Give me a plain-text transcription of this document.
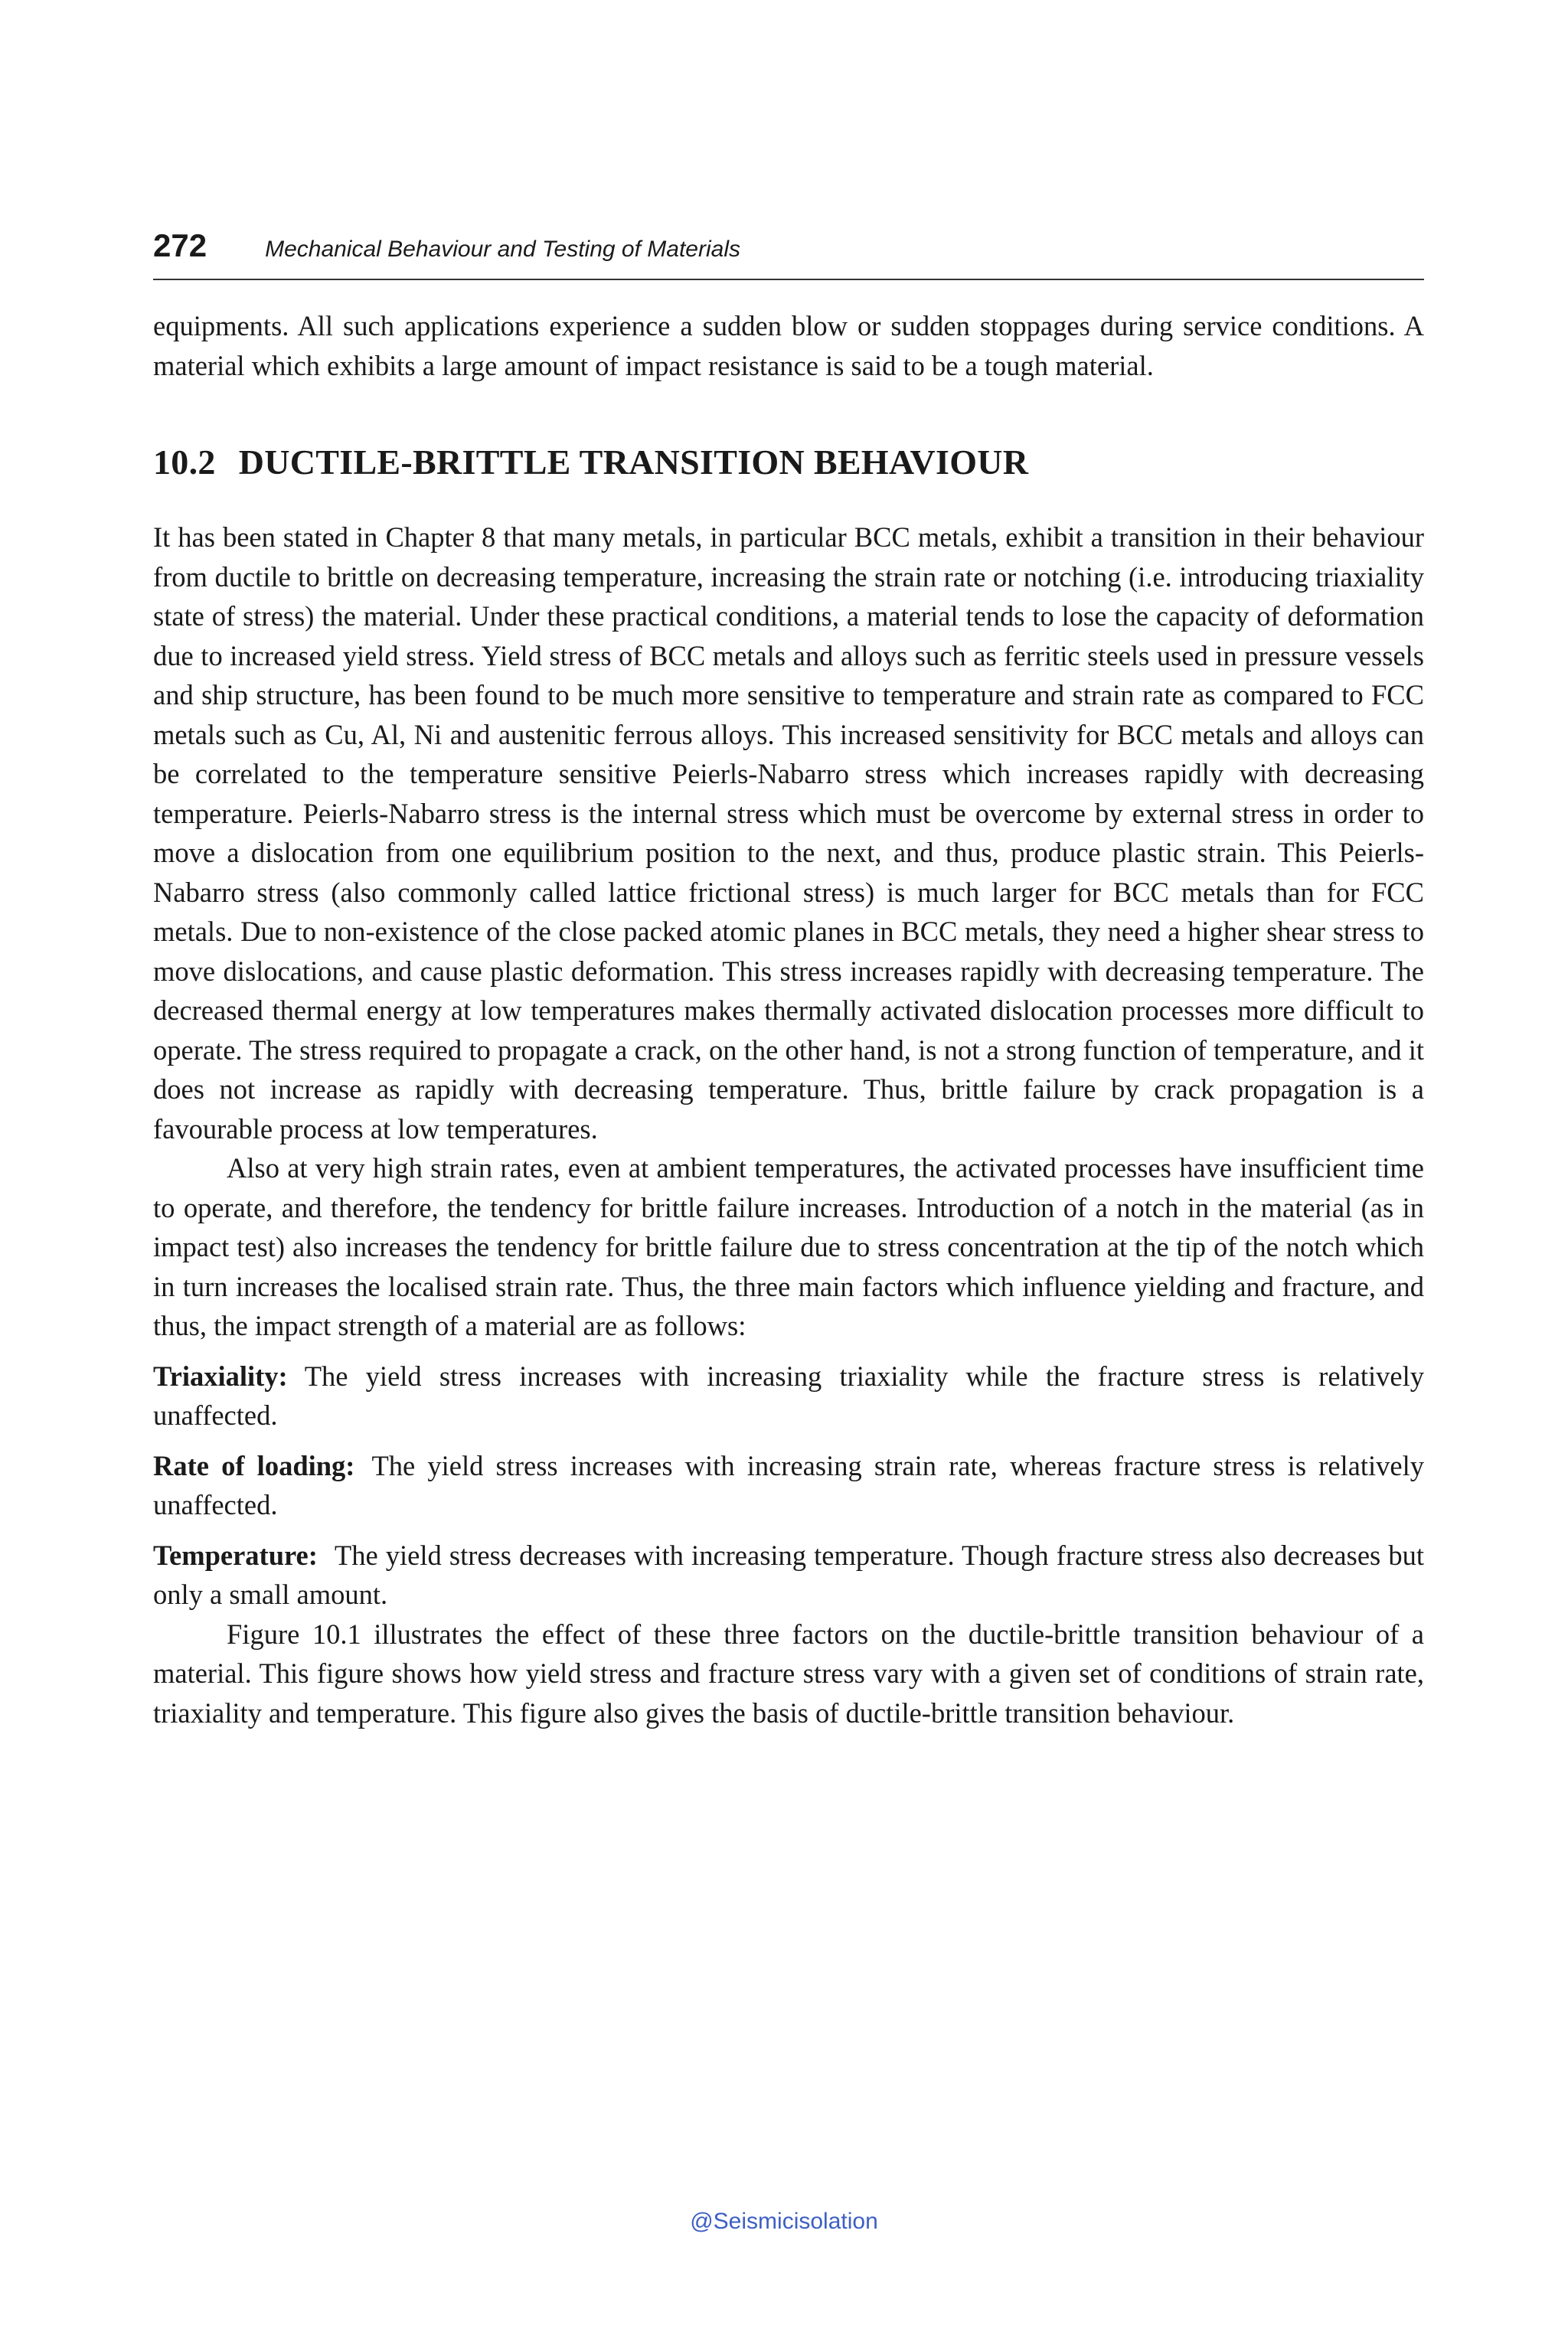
272	Mechanical Behaviour and Testing of Materials

equipments. All such applications experience a sudden blow or sudden stoppages during service conditions. A material which exhibits a large amount of impact resistance is said to be a tough material.

10.2 DUCTILE-BRITTLE TRANSITION BEHAVIOUR

It has been stated in Chapter 8 that many metals, in particular BCC metals, exhibit a transition in their behaviour from ductile to brittle on decreasing temperature, increasing the strain rate or notching (i.e. introducing triaxiality state of stress) the material. Under these practical conditions, a material tends to lose the capacity of deformation due to increased yield stress. Yield stress of BCC metals and alloys such as ferritic steels used in pressure vessels and ship structure, has been found to be much more sensitive to temperature and strain rate as compared to FCC metals such as Cu, Al, Ni and austenitic ferrous alloys. This increased sensitivity for BCC metals and alloys can be correlated to the temperature sensitive Peierls-Nabarro stress which increases rapidly with decreasing temperature. Peierls-Nabarro stress is the internal stress which must be overcome by external stress in order to move a dislocation from one equilibrium position to the next, and thus, produce plastic strain. This Peierls-Nabarro stress (also commonly called lattice frictional stress) is much larger for BCC metals than for FCC metals. Due to non-existence of the close packed atomic planes in BCC metals, they need a higher shear stress to move dislocations, and cause plastic deformation. This stress increases rapidly with decreasing temperature. The decreased thermal energy at low temperatures makes thermally activated dislocation processes more difficult to operate. The stress required to propagate a crack, on the other hand, is not a strong function of temperature, and it does not increase as rapidly with decreasing temperature. Thus, brittle failure by crack propagation is a favourable process at low temperatures.

Also at very high strain rates, even at ambient temperatures, the activated processes have insufficient time to operate, and therefore, the tendency for brittle failure increases. Introduction of a notch in the material (as in impact test) also increases the tendency for brittle failure due to stress concentration at the tip of the notch which in turn increases the localised strain rate. Thus, the three main factors which influence yielding and fracture, and thus, the impact strength of a material are as follows:

Triaxiality: The yield stress increases with increasing triaxiality while the fracture stress is relatively unaffected.

Rate of loading: The yield stress increases with increasing strain rate, whereas fracture stress is relatively unaffected.

Temperature: The yield stress decreases with increasing temperature. Though fracture stress also decreases but only a small amount.

Figure 10.1 illustrates the effect of these three factors on the ductile-brittle transition behaviour of a material. This figure shows how yield stress and fracture stress vary with a given set of conditions of strain rate, triaxiality and temperature. This figure also gives the basis of ductile-brittle transition behaviour.

@Seismicisolation
